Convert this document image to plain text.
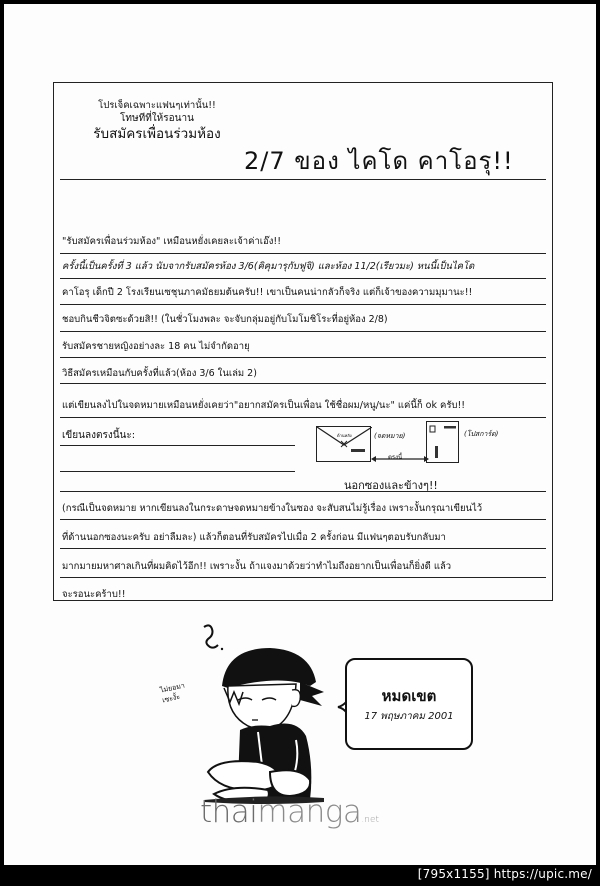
โปรเจ็คเฉพาะแฟนๆเท่านั้น!!
โทษทีที่ให้รอนาน
รับสมัครเพื่อนร่วมห้อง
2/7 ของ ไคโด คาโอรุ!!
"รับสมัครเพื่อนร่วมห้อง" เหมือนหยั่งเคยละเจ้าค่าเอ๊ง!!
ครั้งนี้เป็นครั้งที่ 3 แล้ว นับจากรับสมัครห้อง 3/6(คิคุมารุกับฟูจิ) และห้อง 11/2(เรียวมะ) หนนี้เป็นไคโด
คาโอรุ เด็กปี 2 โรงเรียนเซชุนภาคมัธยมต้นครับ!! เขาเป็นคนน่ากลัวก็จริง แต่ก็เจ้าของความมุมานะ!!
ชอบกินชีวจิตซะด้วยสิ!! (ในชั่วโมงพละ จะจับกลุ่มอยู่กับโมโมชิโระที่อยู่ห้อง 2/8)
รับสมัครชายหญิงอย่างละ 18 คน ไม่จำกัดอายุ
วิธีสมัครเหมือนกับครั้งที่แล้ว(ห้อง 3/6 ในเล่ม 2)
แต่เขียนลงไปในจดหมายเหมือนหยั่งเคยว่า"อยากสมัครเป็นเพื่อน ใช้ชื่อผม/หนู/นะ" แค่นี้ก็ ok ครับ!!
เขียนลงตรงนี้นะ:	ด้านหลัง	(จดหมาย)	(โปสการ์ด)
ตรงนี้
นอกซองและข้างๆ!!
(กรณีเป็นจดหมาย หากเขียนลงในกระดาษจดหมายข้างในซอง จะสับสนไม่รู้เรื่อง เพราะงั้นกรุณาเขียนไว้
ที่ด้านนอกซองนะครับ อย่าลืมละ) แล้วก็ตอนที่รับสมัครไปเมื่อ 2 ครั้งก่อน มีแฟนๆตอบรับกลับมา
มากมายมหาศาลเกินที่ผมคิดไว้อีก!! เพราะงั้น ถ้าแจงมาด้วยว่าทำไมถึงอยากเป็นเพื่อนก็ยิ่งดี แล้ว
จะรอนะคร้าบ!!
ไม่ยอมา
เซะงั้ะ	หมดเขต
17 พฤษภาคม 2001
thaimanga.net
[795x1155] https://upic.me/
